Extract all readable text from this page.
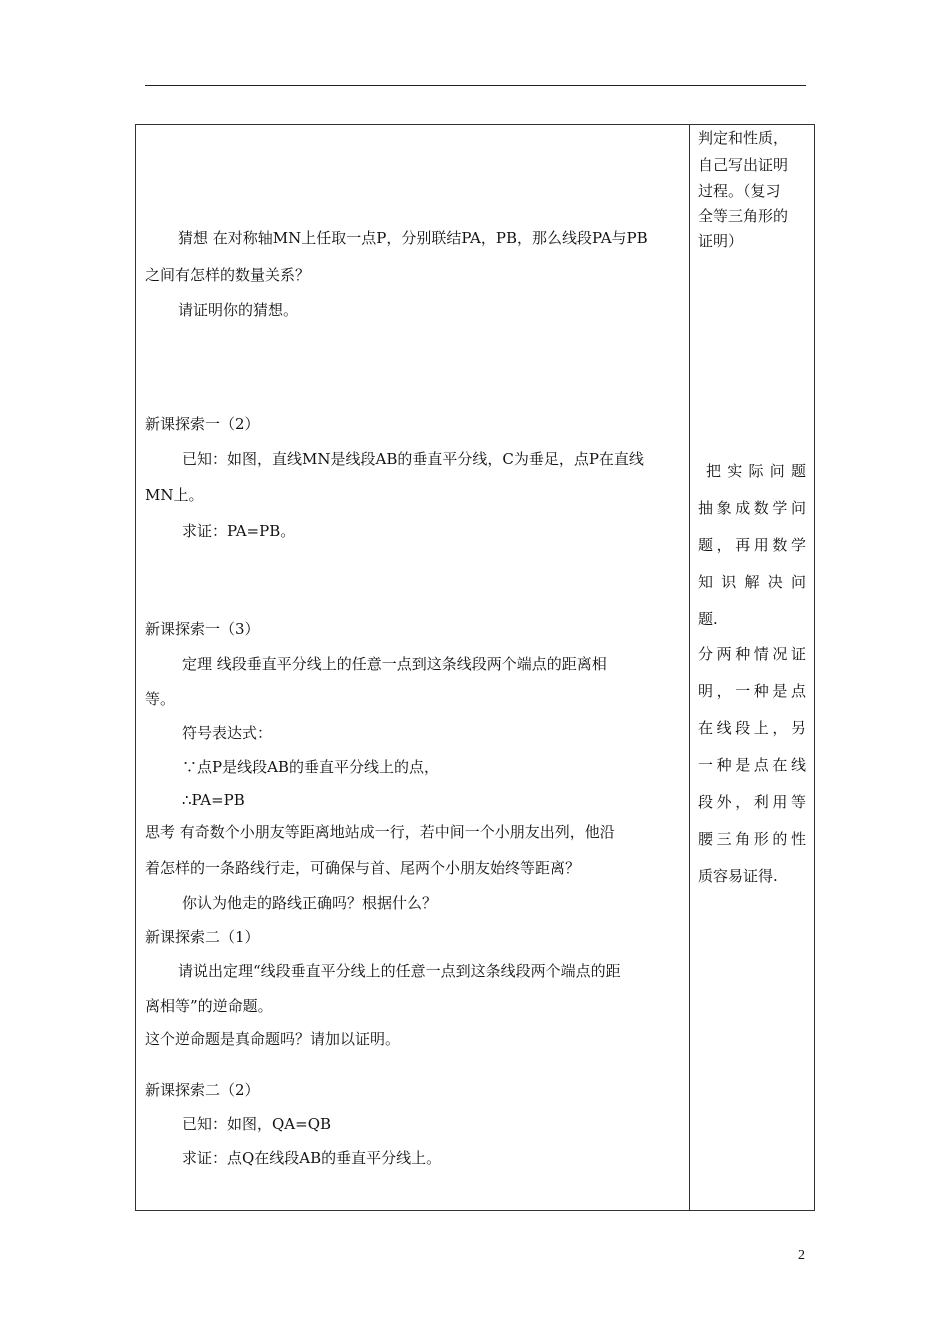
猜想 在对称轴MN上任取一点P，分别联结PA，PB，那么线段PA与PB
之间有怎样的数量关系？
请证明你的猜想。
新课探索一（2）
已知：如图，直线MN是线段AB的垂直平分线，C为垂足，点P在直线
MN上。
求证：PA=PB。
新课探索一（3）
定理 线段垂直平分线上的任意一点到这条线段两个端点的距离相
等。
符号表达式：
∵点P是线段AB的垂直平分线上的点，
∴PA=PB
思考 有奇数个小朋友等距离地站成一行，若中间一个小朋友出列，他沿
着怎样的一条路线行走，可确保与首、尾两个小朋友始终等距离？
你认为他走的路线正确吗？根据什么？
新课探索二（1）
请说出定理“线段垂直平分线上的任意一点到这条线段两个端点的距
离相等”的逆命题。
这个逆命题是真命题吗？请加以证明。
新课探索二（2）
已知：如图，QA=QB
求证：点Q在线段AB的垂直平分线上。
判定和性质，
自己写出证明
过程。（复习
全等三角形的
证明）
把实际问题
抽象成数学问
题，再用数学
知识解决问
题.
分两种情况证
明，一种是点
在线段上，另
一种是点在线
段外，利用等
腰三角形的性
质容易证得.
2
